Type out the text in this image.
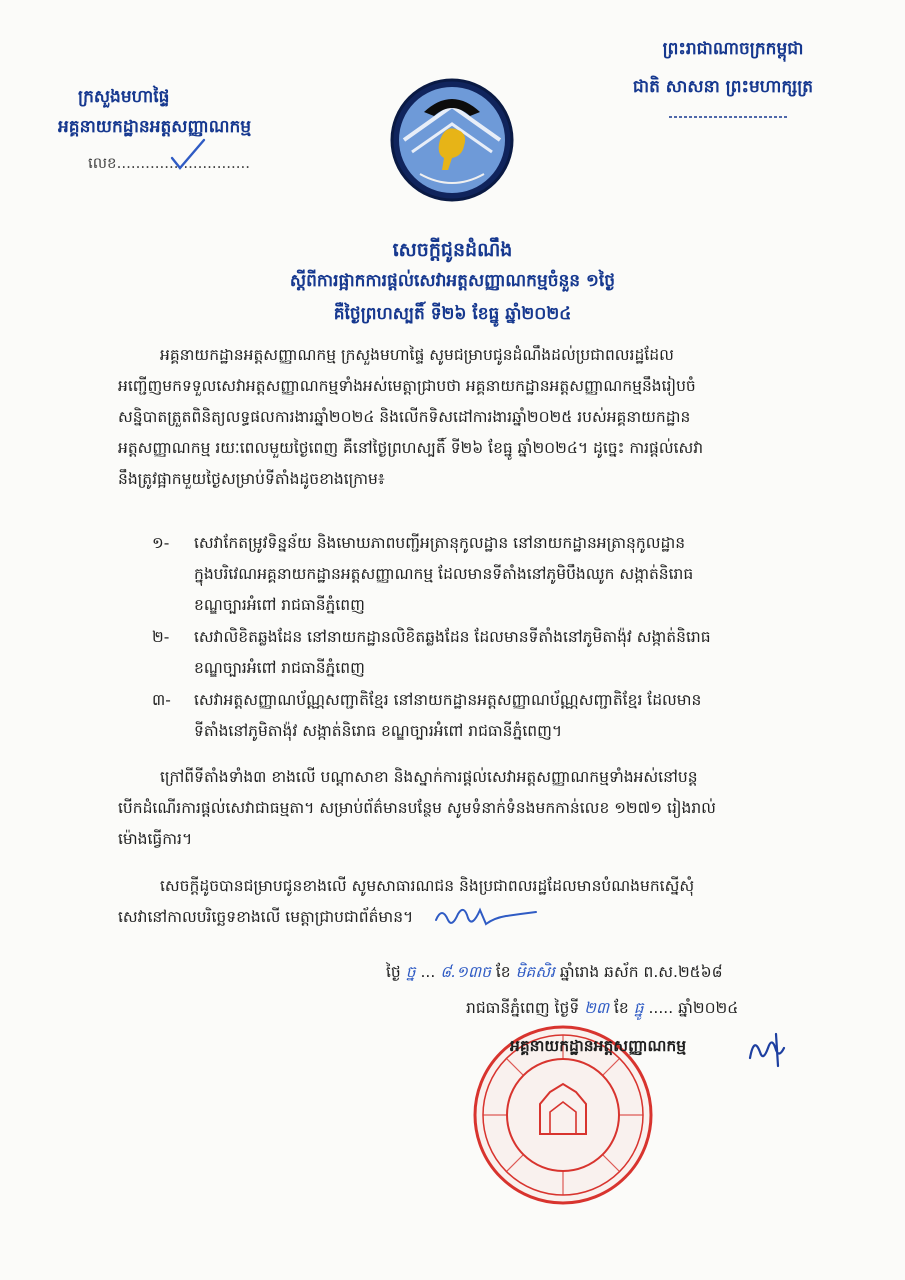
ព្រះរាជាណាចក្រកម្ពុជា
ជាតិ សាសនា ព្រះមហាក្សត្រ
ក្រសួងមហាផ្ទៃ
អគ្គនាយកដ្ឋានអត្តសញ្ញាណកម្ម
លេខ............................
សេចក្តីជូនដំណឹង
ស្តីពីការផ្អាកការផ្តល់សេវាអត្តសញ្ញាណកម្មចំនួន ១ថ្ងៃ
គឺថ្ងៃព្រហស្បតិ៍ ទី២៦ ខែធ្នូ ឆ្នាំ២០២៤
អគ្គនាយកដ្ឋានអត្តសញ្ញាណកម្ម ក្រសួងមហាផ្ទៃ សូមជម្រាបជូនដំណឹងដល់ប្រជាពលរដ្ឋដែល
អញ្ជើញមកទទួលសេវាអត្តសញ្ញាណកម្មទាំងអស់មេត្តាជ្រាបថា អគ្គនាយកដ្ឋានអត្តសញ្ញាណកម្មនឹងរៀបចំ
សន្និបាតត្រួតពិនិត្យលទ្ធផលការងារឆ្នាំ២០២៤ និងលើកទិសដៅការងារឆ្នាំ២០២៥ របស់អគ្គនាយកដ្ឋាន
អត្តសញ្ញាណកម្ម រយៈពេលមួយថ្ងៃពេញ គឺនៅថ្ងៃព្រហស្បតិ៍ ទី២៦ ខែធ្នូ ឆ្នាំ២០២៤។ ដូច្នេះ ការផ្តល់សេវា
នឹងត្រូវផ្អាកមួយថ្ងៃសម្រាប់ទីតាំងដូចខាងក្រោម៖
១-	សេវាកែតម្រូវទិន្នន័យ និងមោឃភាពបញ្ជីអត្រានុកូលដ្ឋាន នៅនាយកដ្ឋានអត្រានុកូលដ្ឋាន
ក្នុងបរិវេណអគ្គនាយកដ្ឋានអត្តសញ្ញាណកម្ម ដែលមានទីតាំងនៅភូមិបឹងឈូក សង្កាត់និរោធ
ខណ្ឌច្បារអំពៅ រាជធានីភ្នំពេញ
២-	សេវាលិខិតឆ្លងដែន នៅនាយកដ្ឋានលិខិតឆ្លងដែន ដែលមានទីតាំងនៅភូមិតាង៉ុវ សង្កាត់និរោធ
ខណ្ឌច្បារអំពៅ រាជធានីភ្នំពេញ
៣-	សេវាអត្តសញ្ញាណប័ណ្ណសញ្ជាតិខ្មែរ នៅនាយកដ្ឋានអត្តសញ្ញាណប័ណ្ណសញ្ជាតិខ្មែរ ដែលមាន
ទីតាំងនៅភូមិតាង៉ុវ សង្កាត់និរោធ ខណ្ឌច្បារអំពៅ រាជធានីភ្នំពេញ។
ក្រៅពីទីតាំងទាំង៣ ខាងលើ បណ្តាសាខា និងស្នាក់ការផ្តល់សេវាអត្តសញ្ញាណកម្មទាំងអស់នៅបន្ត
បើកដំណើរការផ្តល់សេវាជាធម្មតា។ សម្រាប់ព័ត៌មានបន្ថែម សូមទំនាក់ទំនងមកកាន់លេខ ១២៧១ រៀងរាល់
ម៉ោងធ្វើការ។
សេចក្តីដូចបានជម្រាបជូនខាងលើ សូមសាធារណជន និងប្រជាពលរដ្ឋដែលមានបំណងមកស្នើសុំ
សេវានៅកាលបរិច្ឆេទខាងលើ មេត្តាជ្រាបជាព័ត៌មាន។
ថ្ងៃ ច្ន ... ៨.១៣ច ខែ មិគសិរ ឆ្នាំរោង ឆស័ក ព.ស.២៥៦៨
រាជធានីភ្នំពេញ ថ្ងៃទី ២៣ ខែ ធ្នូ ..... ឆ្នាំ២០២៤
អគ្គនាយកដ្ឋានអត្តសញ្ញាណកម្ម
